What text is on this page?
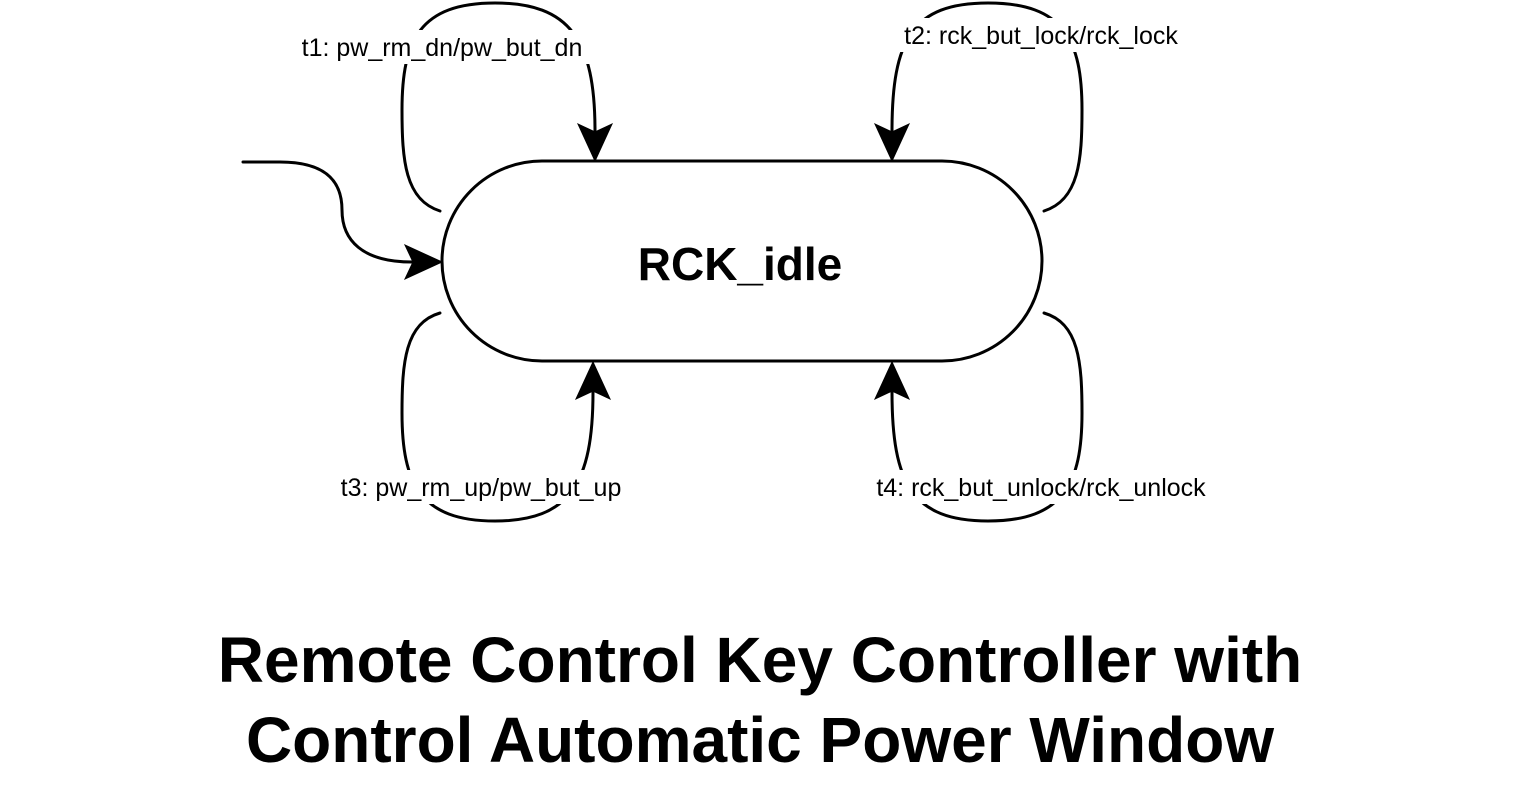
RCK_idle
t1: pw_rm_dn/pw_but_dn	t2: rck_but_lock/rck_lock
t3: pw_rm_up/pw_but_up	t4: rck_but_unlock/rck_unlock
Remote Control Key Controller with
Control Automatic Power Window
